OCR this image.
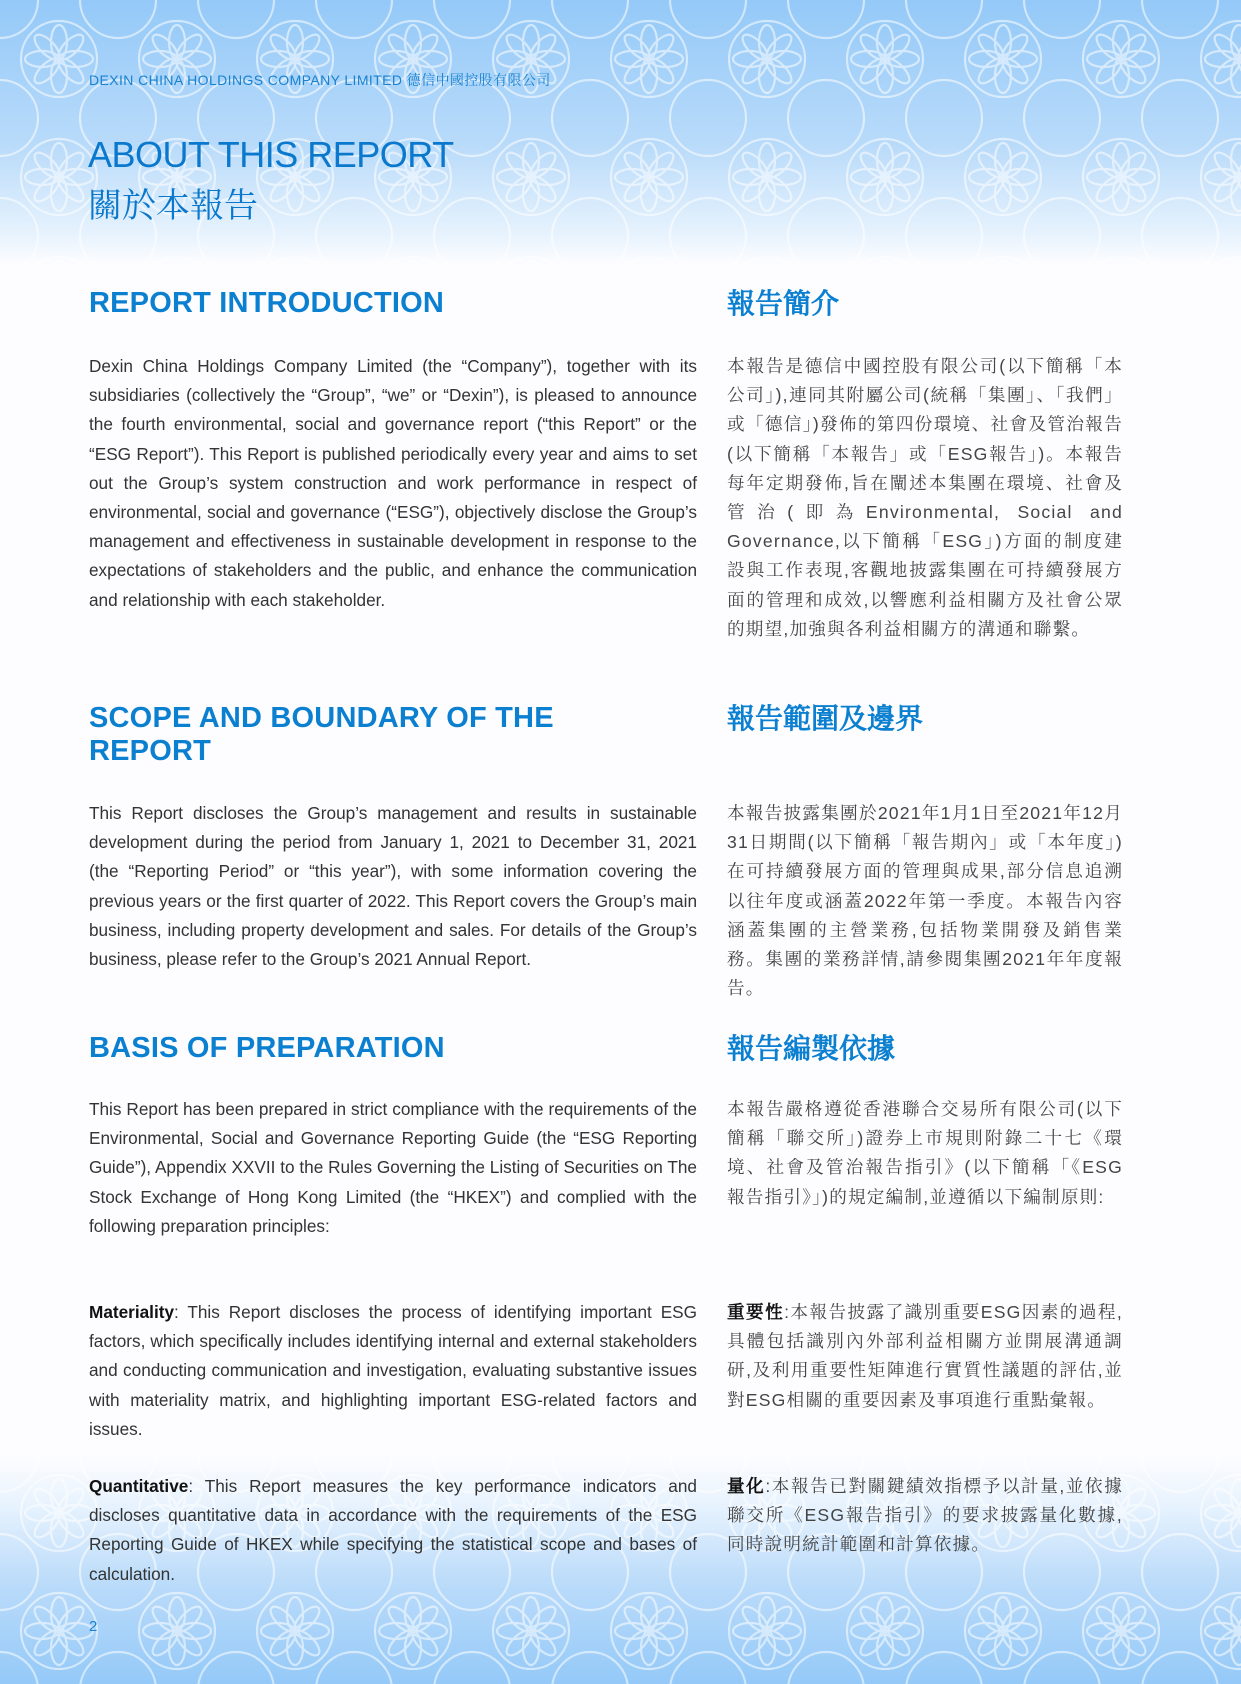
DEXIN CHINA HOLDINGS COMPANY LIMITED 德信中國控股有限公司
ABOUT THIS REPORT
關於本報告
REPORT INTRODUCTION	報告簡介

Dexin China Holdings Company Limited (the “Company”), together with its subsidiaries (collectively the “Group”, “we” or “Dexin”), is pleased to announce the fourth environmental, social and governance report (“this Report” or the “ESG Report”). This Report is published periodically every year and aims to set out the Group’s system construction and work performance in respect of environmental, social and governance (“ESG”), objectively disclose the Group’s management and effectiveness in sustainable development in response to the expectations of stakeholders and the public, and enhance the communication and relationship with each stakeholder.

本報告是德信中國控股有限公司(以下簡稱「本公司」),連同其附屬公司(統稱「集團」、「我們」或「德信」)發佈的第四份環境、社會及管治報告(以下簡稱「本報告」或「ESG報告」)。本報告每年定期發佈,旨在闡述本集團在環境、社會及管治(即為Environmental, Social and Governance,以下簡稱「ESG」)方面的制度建設與工作表現,客觀地披露集團在可持續發展方面的管理和成效,以響應利益相關方及社會公眾的期望,加強與各利益相關方的溝通和聯繫。

SCOPE AND BOUNDARY OF THE REPORT
報告範圍及邊界

This Report discloses the Group’s management and results in sustainable development during the period from January 1, 2021 to December 31, 2021 (the “Reporting Period” or “this year”), with some information covering the previous years or the first quarter of 2022. This Report covers the Group’s main business, including property development and sales. For details of the Group’s business, please refer to the Group’s 2021 Annual Report.

本報告披露集團於2021年1月1日至2021年12月31日期間(以下簡稱「報告期內」或「本年度」)在可持續發展方面的管理與成果,部分信息追溯以往年度或涵蓋2022年第一季度。本報告內容涵蓋集團的主營業務,包括物業開發及銷售業務。集團的業務詳情,請參閱集團2021年年度報告。

BASIS OF PREPARATION	報告編製依據

This Report has been prepared in strict compliance with the requirements of the Environmental, Social and Governance Reporting Guide (the “ESG Reporting Guide”), Appendix XXVII to the Rules Governing the Listing of Securities on The Stock Exchange of Hong Kong Limited (the “HKEX”) and complied with the following preparation principles:

本報告嚴格遵從香港聯合交易所有限公司(以下簡稱「聯交所」)證券上市規則附錄二十七《環境、社會及管治報告指引》(以下簡稱「《ESG報告指引》」)的規定編制,並遵循以下編制原則:

Materiality: This Report discloses the process of identifying important ESG factors, which specifically includes identifying internal and external stakeholders and conducting communication and investigation, evaluating substantive issues with materiality matrix, and highlighting important ESG-related factors and issues.

重要性:本報告披露了識別重要ESG因素的過程,具體包括識別內外部利益相關方並開展溝通調研,及利用重要性矩陣進行實質性議題的評估,並對ESG相關的重要因素及事項進行重點彙報。

Quantitative: This Report measures the key performance indicators and discloses quantitative data in accordance with the requirements of the ESG Reporting Guide of HKEX while specifying the statistical scope and bases of calculation.

量化:本報告已對關鍵績效指標予以計量,並依據聯交所《ESG報告指引》的要求披露量化數據,同時說明統計範圍和計算依據。

2
